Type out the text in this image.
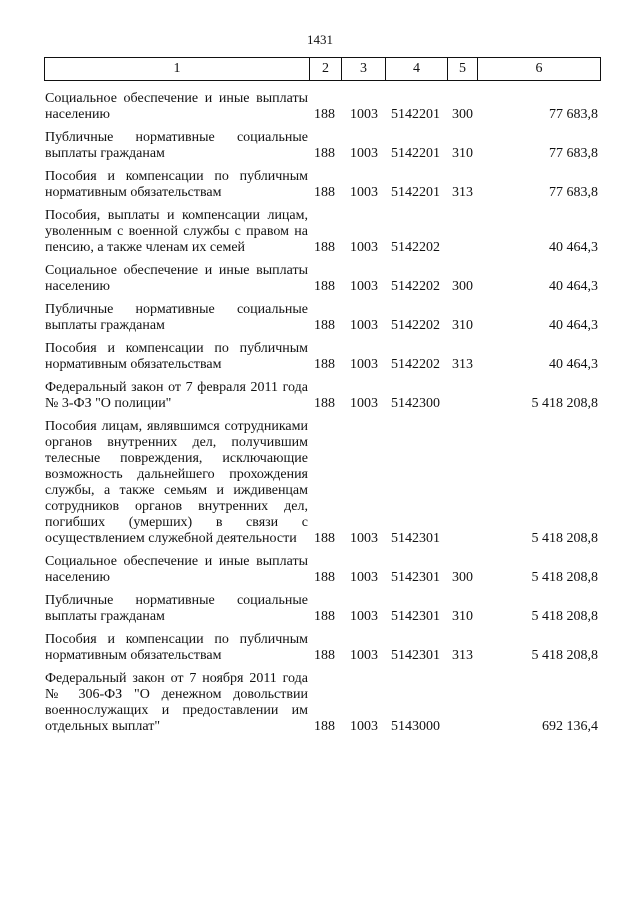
1431
1	2	3	4	5	6
Социальное обеспечение и иные выплаты населению	188 1003 5142201 300	77 683,8
Публичные нормативные социальные выплаты гражданам	188 1003 5142201 310	77 683,8
Пособия и компенсации по публичным нормативным обязательствам	188 1003 5142201 313	77 683,8
Пособия, выплаты и компенсации лицам, уволенным с военной службы с правом на пенсию, а также членам их семей	188 1003 5142202	40 464,3
Социальное обеспечение и иные выплаты населению	188 1003 5142202 300	40 464,3
Публичные нормативные социальные выплаты гражданам	188 1003 5142202 310	40 464,3
Пособия и компенсации по публичным нормативным обязательствам	188 1003 5142202 313	40 464,3
Федеральный закон от 7 февраля 2011 года № 3-ФЗ "О полиции"	188 1003 5142300	5 418 208,8
Пособия лицам, являвшимся сотрудниками органов внутренних дел, получившим телесные повреждения, исключающие возможность дальнейшего прохождения службы, а также семьям и иждивенцам сотрудников органов внутренних дел, погибших (умерших) в связи с осуществлением служебной деятельности	188 1003 5142301	5 418 208,8
Социальное обеспечение и иные выплаты населению	188 1003 5142301 300	5 418 208,8
Публичные нормативные социальные выплаты гражданам	188 1003 5142301 310	5 418 208,8
Пособия и компенсации по публичным нормативным обязательствам	188 1003 5142301 313	5 418 208,8
Федеральный закон от 7 ноября 2011 года № 306-ФЗ "О денежном довольствии военнослужащих и предоставлении им отдельных выплат"	188 1003 5143000	692 136,4
